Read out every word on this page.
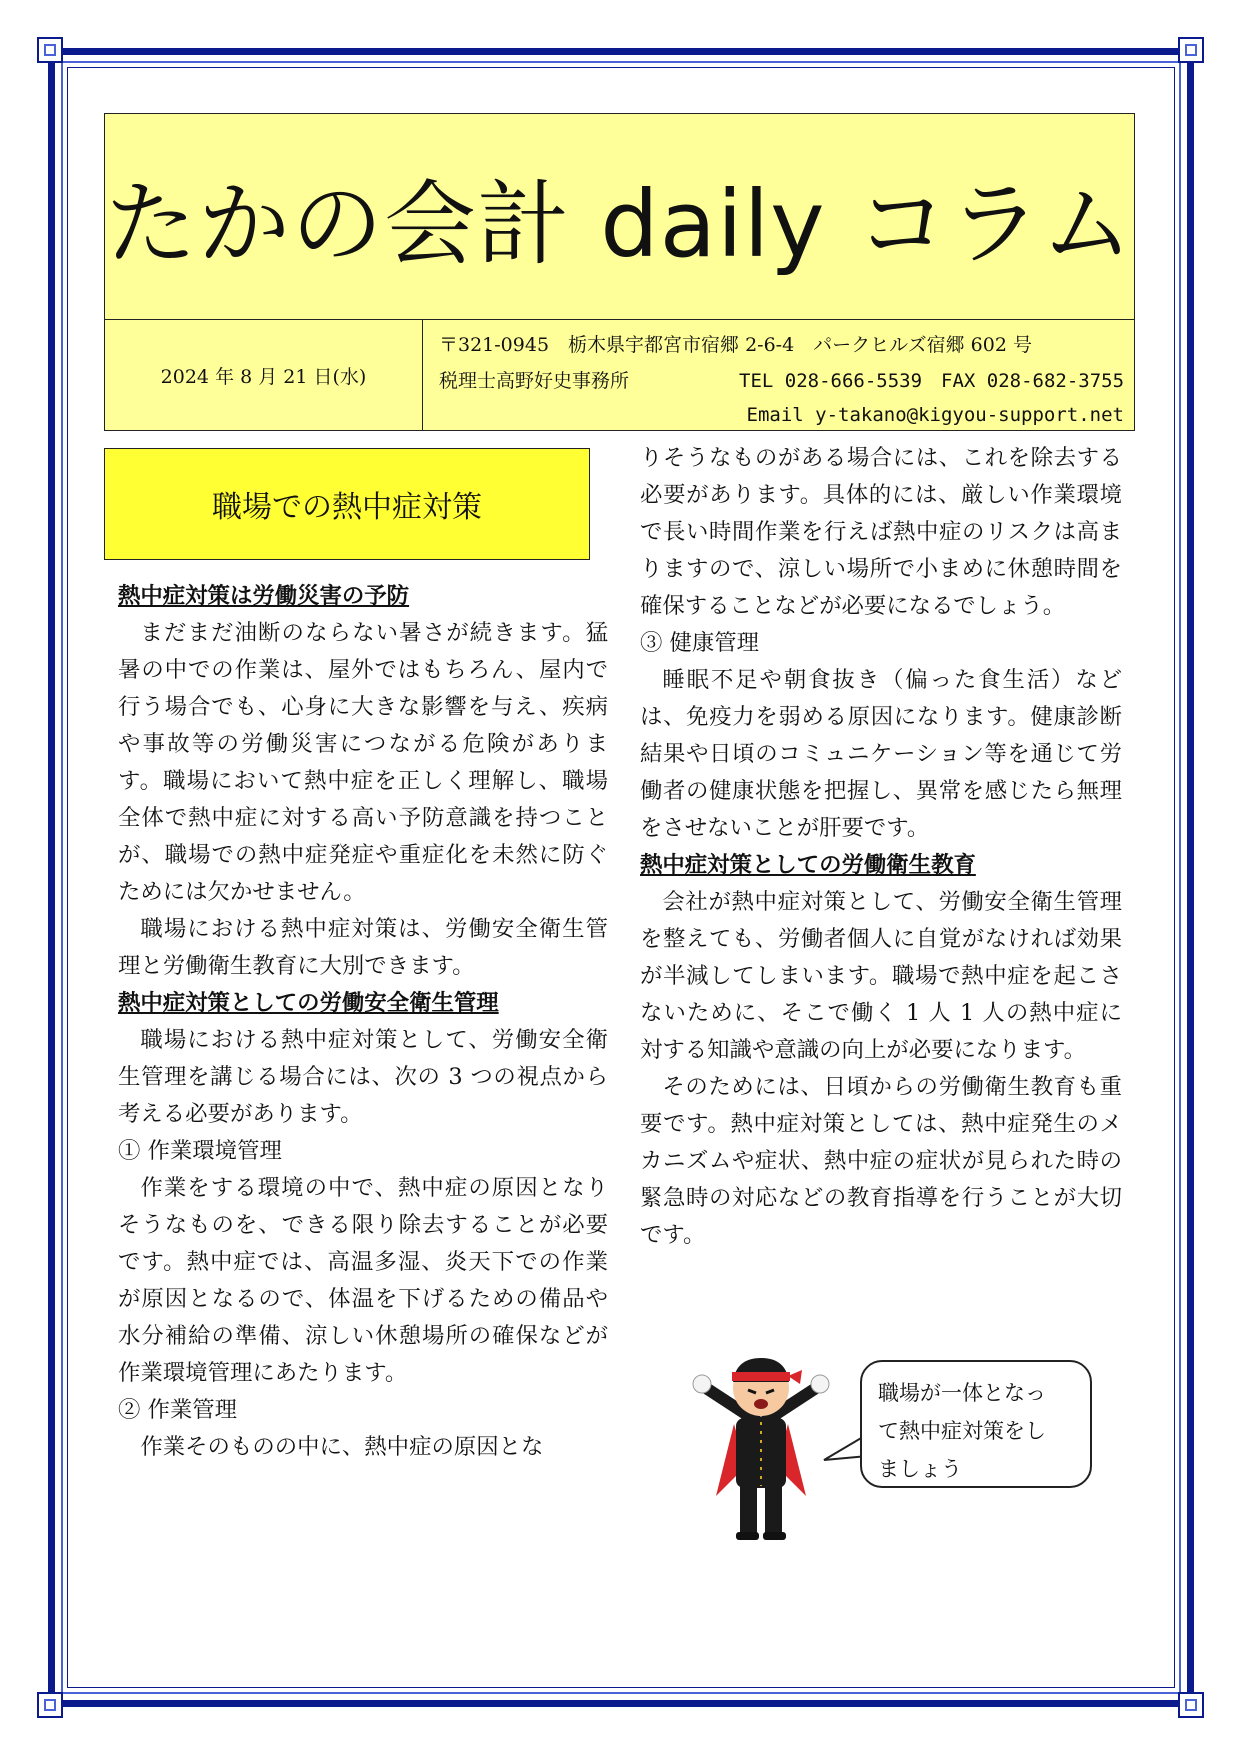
たかの会計 daily コラム
2024 年 8 月 21 日(水)
〒321-0945　栃木県宇都宮市宿郷 2-6-4　パークヒルズ宿郷 602 号
税理士高野好史事務所	TEL 028-666-5539　FAX 028-682-3755
Email y-takano@kigyou-support.net
職場での熱中症対策
熱中症対策は労働災害の予防

まだまだ油断のならない暑さが続きます。猛暑の中での作業は、屋外ではもちろん、屋内で行う場合でも、心身に大きな影響を与え、疾病や事故等の労働災害につながる危険があります。職場において熱中症を正しく理解し、職場全体で熱中症に対する高い予防意識を持つことが、職場での熱中症発症や重症化を未然に防ぐためには欠かせません。

職場における熱中症対策は、労働安全衛生管理と労働衛生教育に大別できます。

熱中症対策としての労働安全衛生管理

職場における熱中症対策として、労働安全衛生管理を講じる場合には、次の 3 つの視点から考える必要があります。

① 作業環境管理

作業をする環境の中で、熱中症の原因となりそうなものを、できる限り除去することが必要です。熱中症では、高温多湿、炎天下での作業が原因となるので、体温を下げるための備品や水分補給の準備、涼しい休憩場所の確保などが作業環境管理にあたります。

② 作業管理

作業そのものの中に、熱中症の原因とな

りそうなものがある場合には、これを除去する必要があります。具体的には、厳しい作業環境で長い時間作業を行えば熱中症のリスクは高まりますので、涼しい場所で小まめに休憩時間を確保することなどが必要になるでしょう。

③ 健康管理

睡眠不足や朝食抜き（偏った食生活）などは、免疫力を弱める原因になります。健康診断結果や日頃のコミュニケーション等を通じて労働者の健康状態を把握し、異常を感じたら無理をさせないことが肝要です。

熱中症対策としての労働衛生教育

会社が熱中症対策として、労働安全衛生管理を整えても、労働者個人に自覚がなければ効果が半減してしまいます。職場で熱中症を起こさないために、そこで働く 1 人 1 人の熱中症に対する知識や意識の向上が必要になります。

そのためには、日頃からの労働衛生教育も重要です。熱中症対策としては、熱中症発生のメカニズムや症状、熱中症の症状が見られた時の緊急時の対応などの教育指導を行うことが大切です。

職場が一体となっ
て熱中症対策をし
ましょう
